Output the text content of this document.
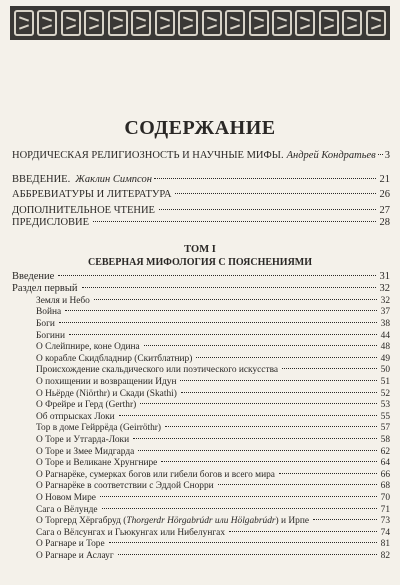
СОДЕРЖАНИЕ
НОРДИЧЕСКАЯ РЕЛИГИОЗНОСТЬ И НАУЧНЫЕ МИФЫ. Андрей Кондратьев 3
ВВЕДЕНИЕ. Жаклин Симпсон	21
АББРЕВИАТУРЫ И ЛИТЕРАТУРА	26
ДОПОЛНИТЕЛЬНОЕ ЧТЕНИЕ	27
ПРЕДИСЛОВИЕ	28
ТОМ I
СЕВЕРНАЯ МИФОЛОГИЯ С ПОЯСНЕНИЯМИ
Введение	31
Раздел первый	32
Земля и Небо	32
Война	37
Боги	38
Богини	44
О Слейпнире, коне Одина	48
О корабле Скидбладнир (Скитблатнир)	49
Происхождение скальдического или поэтического искусства	50
О похищении и возвращении Идун	51
О Ньёрде (Niörthr) и Скади (Skathi)	52
О Фрейре и Герд (Gerthr)	53
Об отпрысках Локи	55
Тор в доме Гейррёда (Geirröthr)	57
О Торе и Утгарда-Локи	58
О Торе и Змее Мидгарда	62
О Торе и Великане Хрунгнире	64
О Рагнарёке, сумерках богов или гибели богов и всего мира	66
О Рагнарёке в соответствии с Эддой Снорри	68
О Новом Мире	70
Сага о Вёлунде	71
О Торгерд Хёргабруд (Thorgerdr Hörgabrúdr или Hölgabrúdr) и Ирпе	73
Сага о Вёлсунгах и Гьюкунгах или Нибелунгах	74
О Рагнаре и Торе	81
О Рагнаре и Аслауг	82
